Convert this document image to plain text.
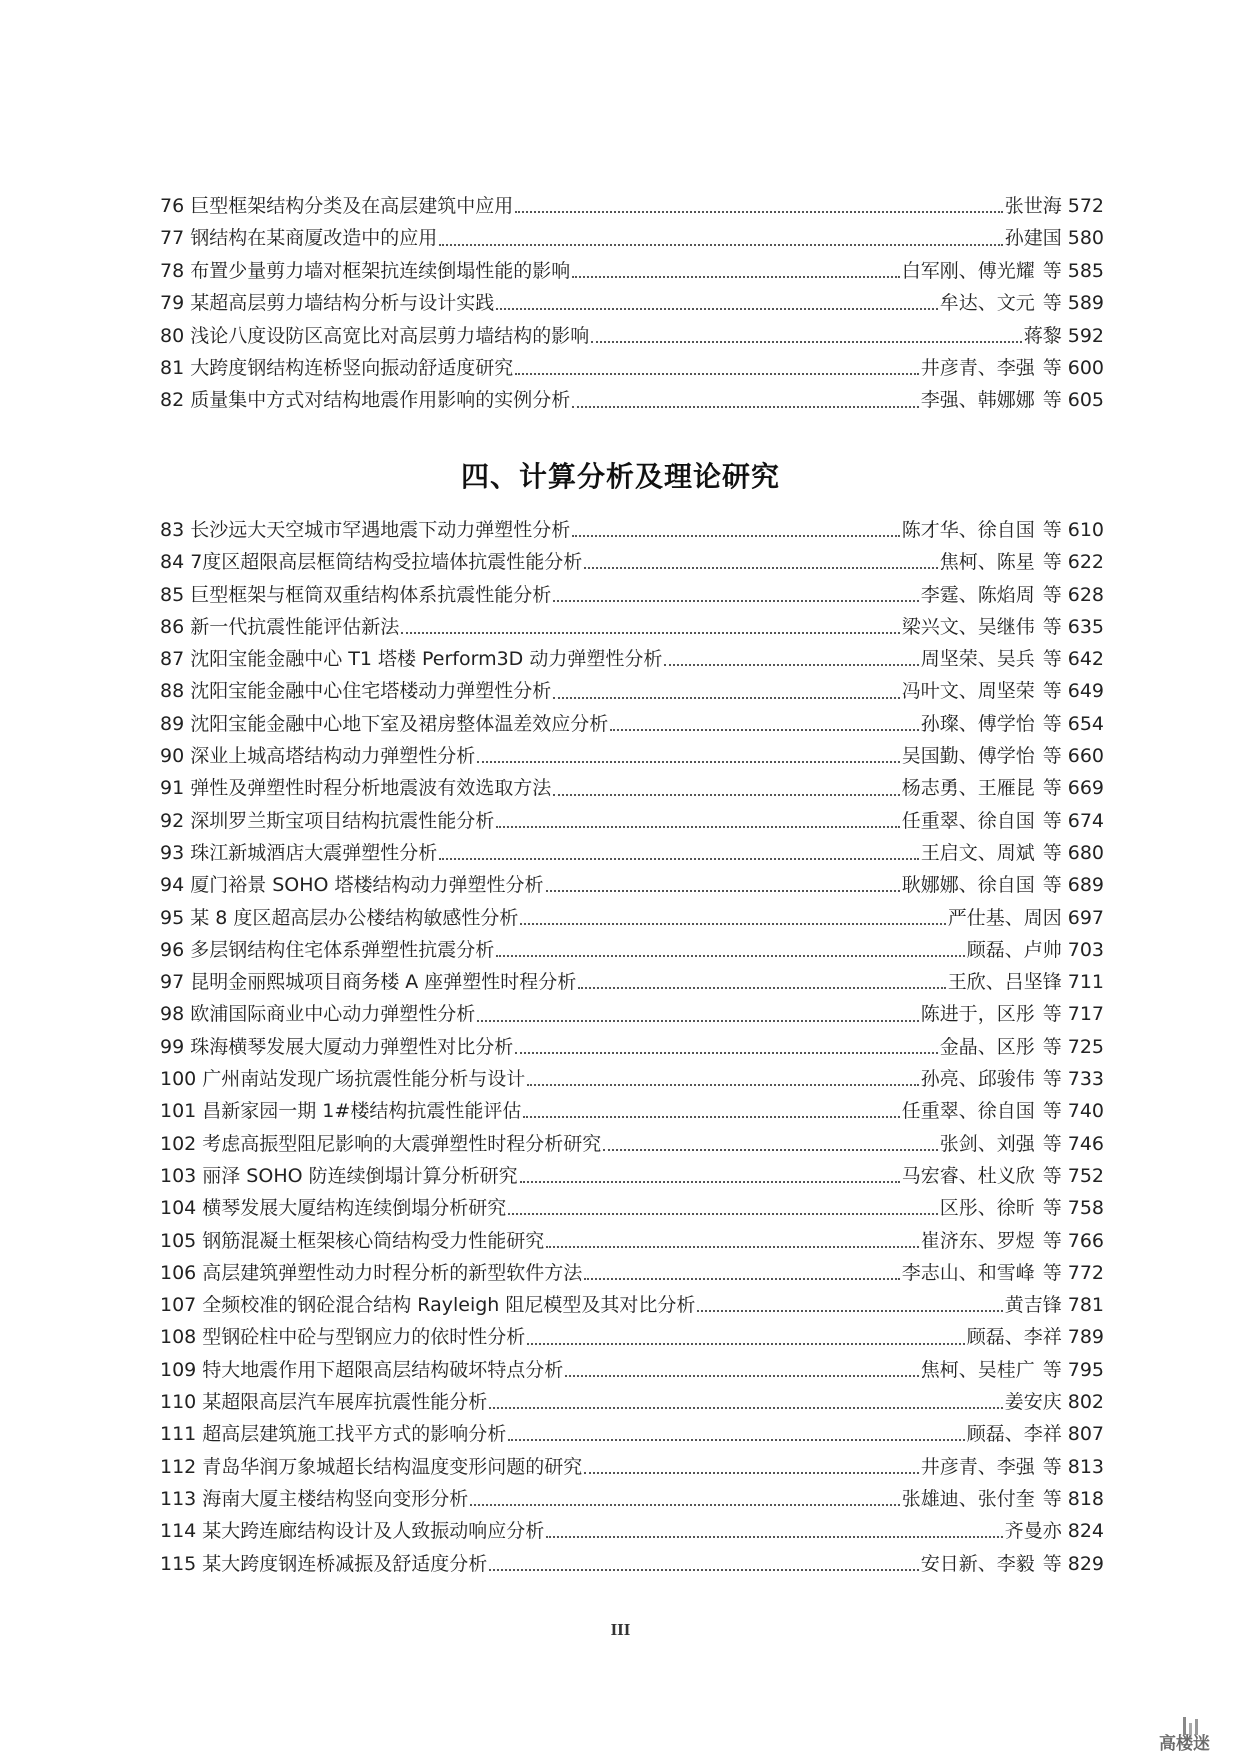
76 巨型框架结构分类及在高层建筑中应用	张世海 572
77 钢结构在某商厦改造中的应用	孙建国 580
78 布置少量剪力墙对框架抗连续倒塌性能的影响	白军刚、傅光耀 等 585
79 某超高层剪力墙结构分析与设计实践	牟达、文元 等 589
80 浅论八度设防区高宽比对高层剪力墙结构的影响	蒋黎 592
81 大跨度钢结构连桥竖向振动舒适度研究	井彦青、李强 等 600
82 质量集中方式对结构地震作用影响的实例分析	李强、韩娜娜 等 605
四、计算分析及理论研究
83 长沙远大天空城市罕遇地震下动力弹塑性分析	陈才华、徐自国 等 610
84 7度区超限高层框筒结构受拉墙体抗震性能分析	焦柯、陈星 等 622
85 巨型框架与框筒双重结构体系抗震性能分析	李霆、陈焰周 等 628
86 新一代抗震性能评估新法	梁兴文、吴继伟 等 635
87 沈阳宝能金融中心 T1 塔楼 Perform3D 动力弹塑性分析	周坚荣、吴兵 等 642
88 沈阳宝能金融中心住宅塔楼动力弹塑性分析	冯叶文、周坚荣 等 649
89 沈阳宝能金融中心地下室及裙房整体温差效应分析	孙璨、傅学怡 等 654
90 深业上城高塔结构动力弹塑性分析	吴国勤、傅学怡 等 660
91 弹性及弹塑性时程分析地震波有效选取方法	杨志勇、王雁昆 等 669
92 深圳罗兰斯宝项目结构抗震性能分析	任重翠、徐自国 等 674
93 珠江新城酒店大震弹塑性分析	王启文、周斌 等 680
94 厦门裕景 SOHO 塔楼结构动力弹塑性分析	耿娜娜、徐自国 等 689
95 某 8 度区超高层办公楼结构敏感性分析	严仕基、周因 697
96 多层钢结构住宅体系弹塑性抗震分析	顾磊、卢帅 703
97 昆明金丽熙城项目商务楼 A 座弹塑性时程分析	王欣、吕坚锋 711
98 欧浦国际商业中心动力弹塑性分析	陈进于，区彤 等 717
99 珠海横琴发展大厦动力弹塑性对比分析	金晶、区彤 等 725
100 广州南站发现广场抗震性能分析与设计	孙亮、邱骏伟 等 733
101 昌新家园一期 1#楼结构抗震性能评估	任重翠、徐自国 等 740
102 考虑高振型阻尼影响的大震弹塑性时程分析研究	张剑、刘强 等 746
103 丽泽 SOHO 防连续倒塌计算分析研究	马宏睿、杜义欣 等 752
104 横琴发展大厦结构连续倒塌分析研究	区彤、徐昕 等 758
105 钢筋混凝土框架核心筒结构受力性能研究	崔济东、罗煜 等 766
106 高层建筑弹塑性动力时程分析的新型软件方法	李志山、和雪峰 等 772
107 全频校准的钢砼混合结构 Rayleigh 阻尼模型及其对比分析	黄吉锋 781
108 型钢砼柱中砼与型钢应力的依时性分析	顾磊、李祥 789
109 特大地震作用下超限高层结构破坏特点分析	焦柯、吴桂广 等 795
110 某超限高层汽车展库抗震性能分析	姜安庆 802
111 超高层建筑施工找平方式的影响分析	顾磊、李祥 807
112 青岛华润万象城超长结构温度变形问题的研究	井彦青、李强 等 813
113 海南大厦主楼结构竖向变形分析	张雄迪、张付奎 等 818
114 某大跨连廊结构设计及人致振动响应分析	齐曼亦 824
115 某大跨度钢连桥减振及舒适度分析	安日新、李毅 等 829
III
高楼迷
